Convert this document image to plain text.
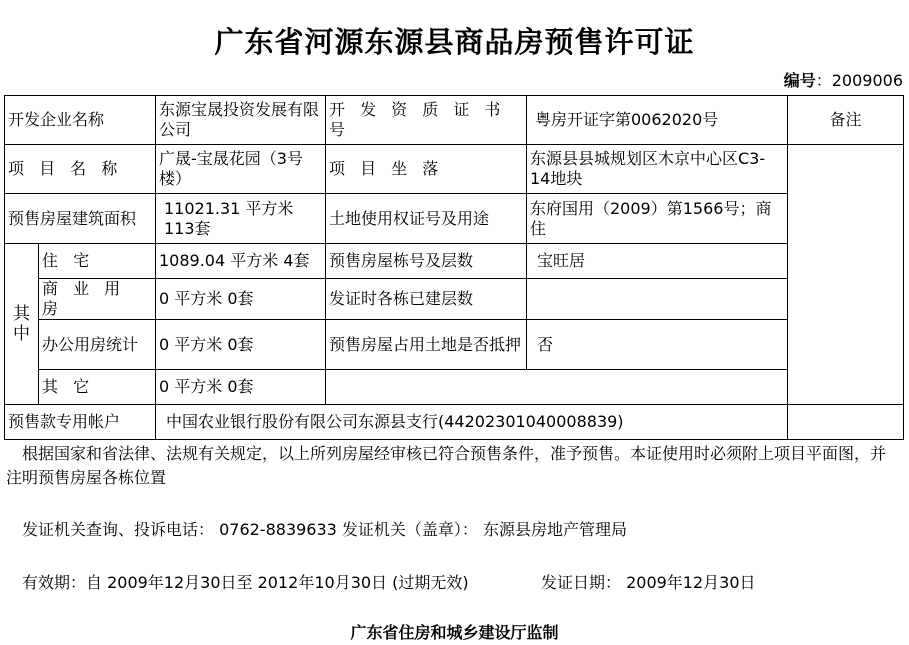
广东省河源东源县商品房预售许可证
编号：2009006
开发企业名称		东源宝晟投资发展有限公司	开 发 资 质 证 书 号	粤房开证字第0062020号	备注
项 目 名 称		广晟-宝晟花园（3号楼）	项 目 坐 落	东源县县城规划区木京中心区C3-14地块	
预售房屋建筑面积		11021.31 平方米 113套	土地使用权证号及用途	东府国用（2009）第1566号；商住	
其中	住 宅	1089.04 平方米 4套	预售房屋栋号及层数	宝旺居	
	商 业 用 房	0 平方米 0套	发证时各栋已建层数		
	办公用房统计	0 平方米 0套	预售房屋占用土地是否抵押	否	
	其 它	0 平方米 0套			
预售款专用帐户		中国农业银行股份有限公司东源县支行(44202301040008839)			
根据国家和省法律、法规有关规定，以上所列房屋经审核已符合预售条件，准予预售。本证使用时必须附上项目平面图，并注明预售房屋各栋位置
发证机关查询、投诉电话： 0762-8839633 发证机关（盖章）： 东源县房地产管理局
有效期：自 2009年12月30日至 2012年10月30日 (过期无效)	发证日期： 2009年12月30日
广东省住房和城乡建设厅监制
